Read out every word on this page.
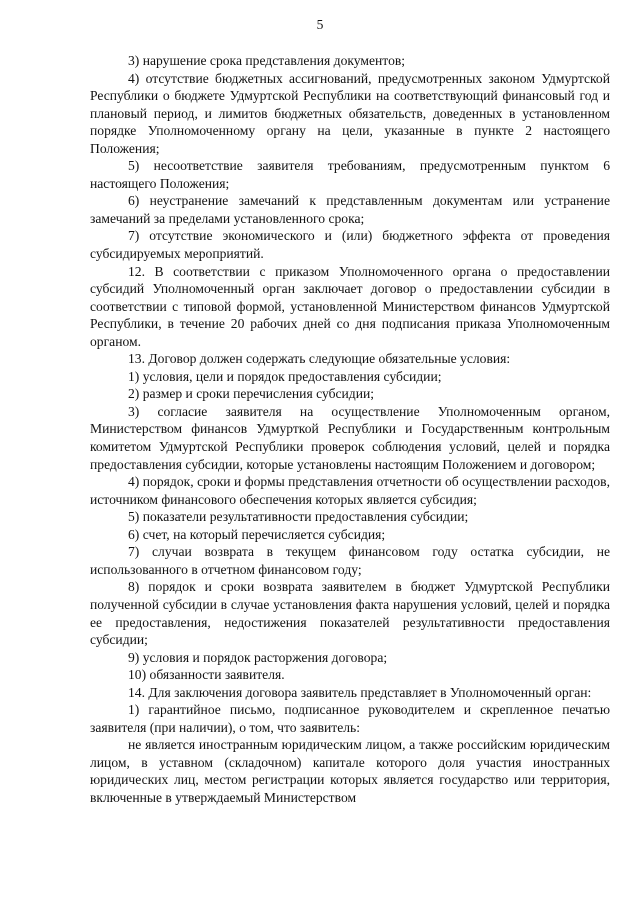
5

3) нарушение срока представления документов;

4) отсутствие бюджетных ассигнований, предусмотренных законом Удмуртской Республики о бюджете Удмуртской Республики на соответствующий финансовый год и плановый период, и лимитов бюджетных обязательств, доведенных в установленном порядке Уполномоченному органу на цели, указанные в пункте 2 настоящего Положения;

5) несоответствие заявителя требованиям, предусмотренным пунктом 6 настоящего Положения;

6) неустранение замечаний к представленным документам или устранение замечаний за пределами установленного срока;

7) отсутствие экономического и (или) бюджетного эффекта от проведения субсидируемых мероприятий.

12. В соответствии с приказом Уполномоченного органа о предоставлении субсидий Уполномоченный орган заключает договор о предоставлении субсидии в соответствии с типовой формой, установленной Министерством финансов Удмуртской Республики, в течение 20 рабочих дней со дня подписания приказа Уполномоченным органом.

13. Договор должен содержать следующие обязательные условия:

1) условия, цели и порядок предоставления субсидии;

2) размер и сроки перечисления субсидии;

3) согласие заявителя на осуществление Уполномоченным органом, Министерством финансов Удмурткой Республики и Государственным контрольным комитетом Удмуртской Республики проверок соблюдения условий, целей и порядка предоставления субсидии, которые установлены настоящим Положением и договором;

4) порядок, сроки и формы представления отчетности об осуществлении расходов, источником финансового обеспечения которых является субсидия;

5) показатели результативности предоставления субсидии;

6) счет, на который перечисляется субсидия;

7) случаи возврата в текущем финансовом году остатка субсидии, не использованного в отчетном финансовом году;

8) порядок и сроки возврата заявителем в бюджет Удмуртской Республики полученной субсидии в случае установления факта нарушения условий, целей и порядка ее предоставления, недостижения показателей результативности предоставления субсидии;

9) условия и порядок расторжения договора;

10) обязанности заявителя.

14. Для заключения договора заявитель представляет в Уполномоченный орган:

1) гарантийное письмо, подписанное руководителем и скрепленное печатью заявителя (при наличии), о том, что заявитель:

не является иностранным юридическим лицом, а также российским юридическим лицом, в уставном (складочном) капитале которого доля участия иностранных юридических лиц, местом регистрации которых является государство или территория, включенные в утверждаемый Министерством
